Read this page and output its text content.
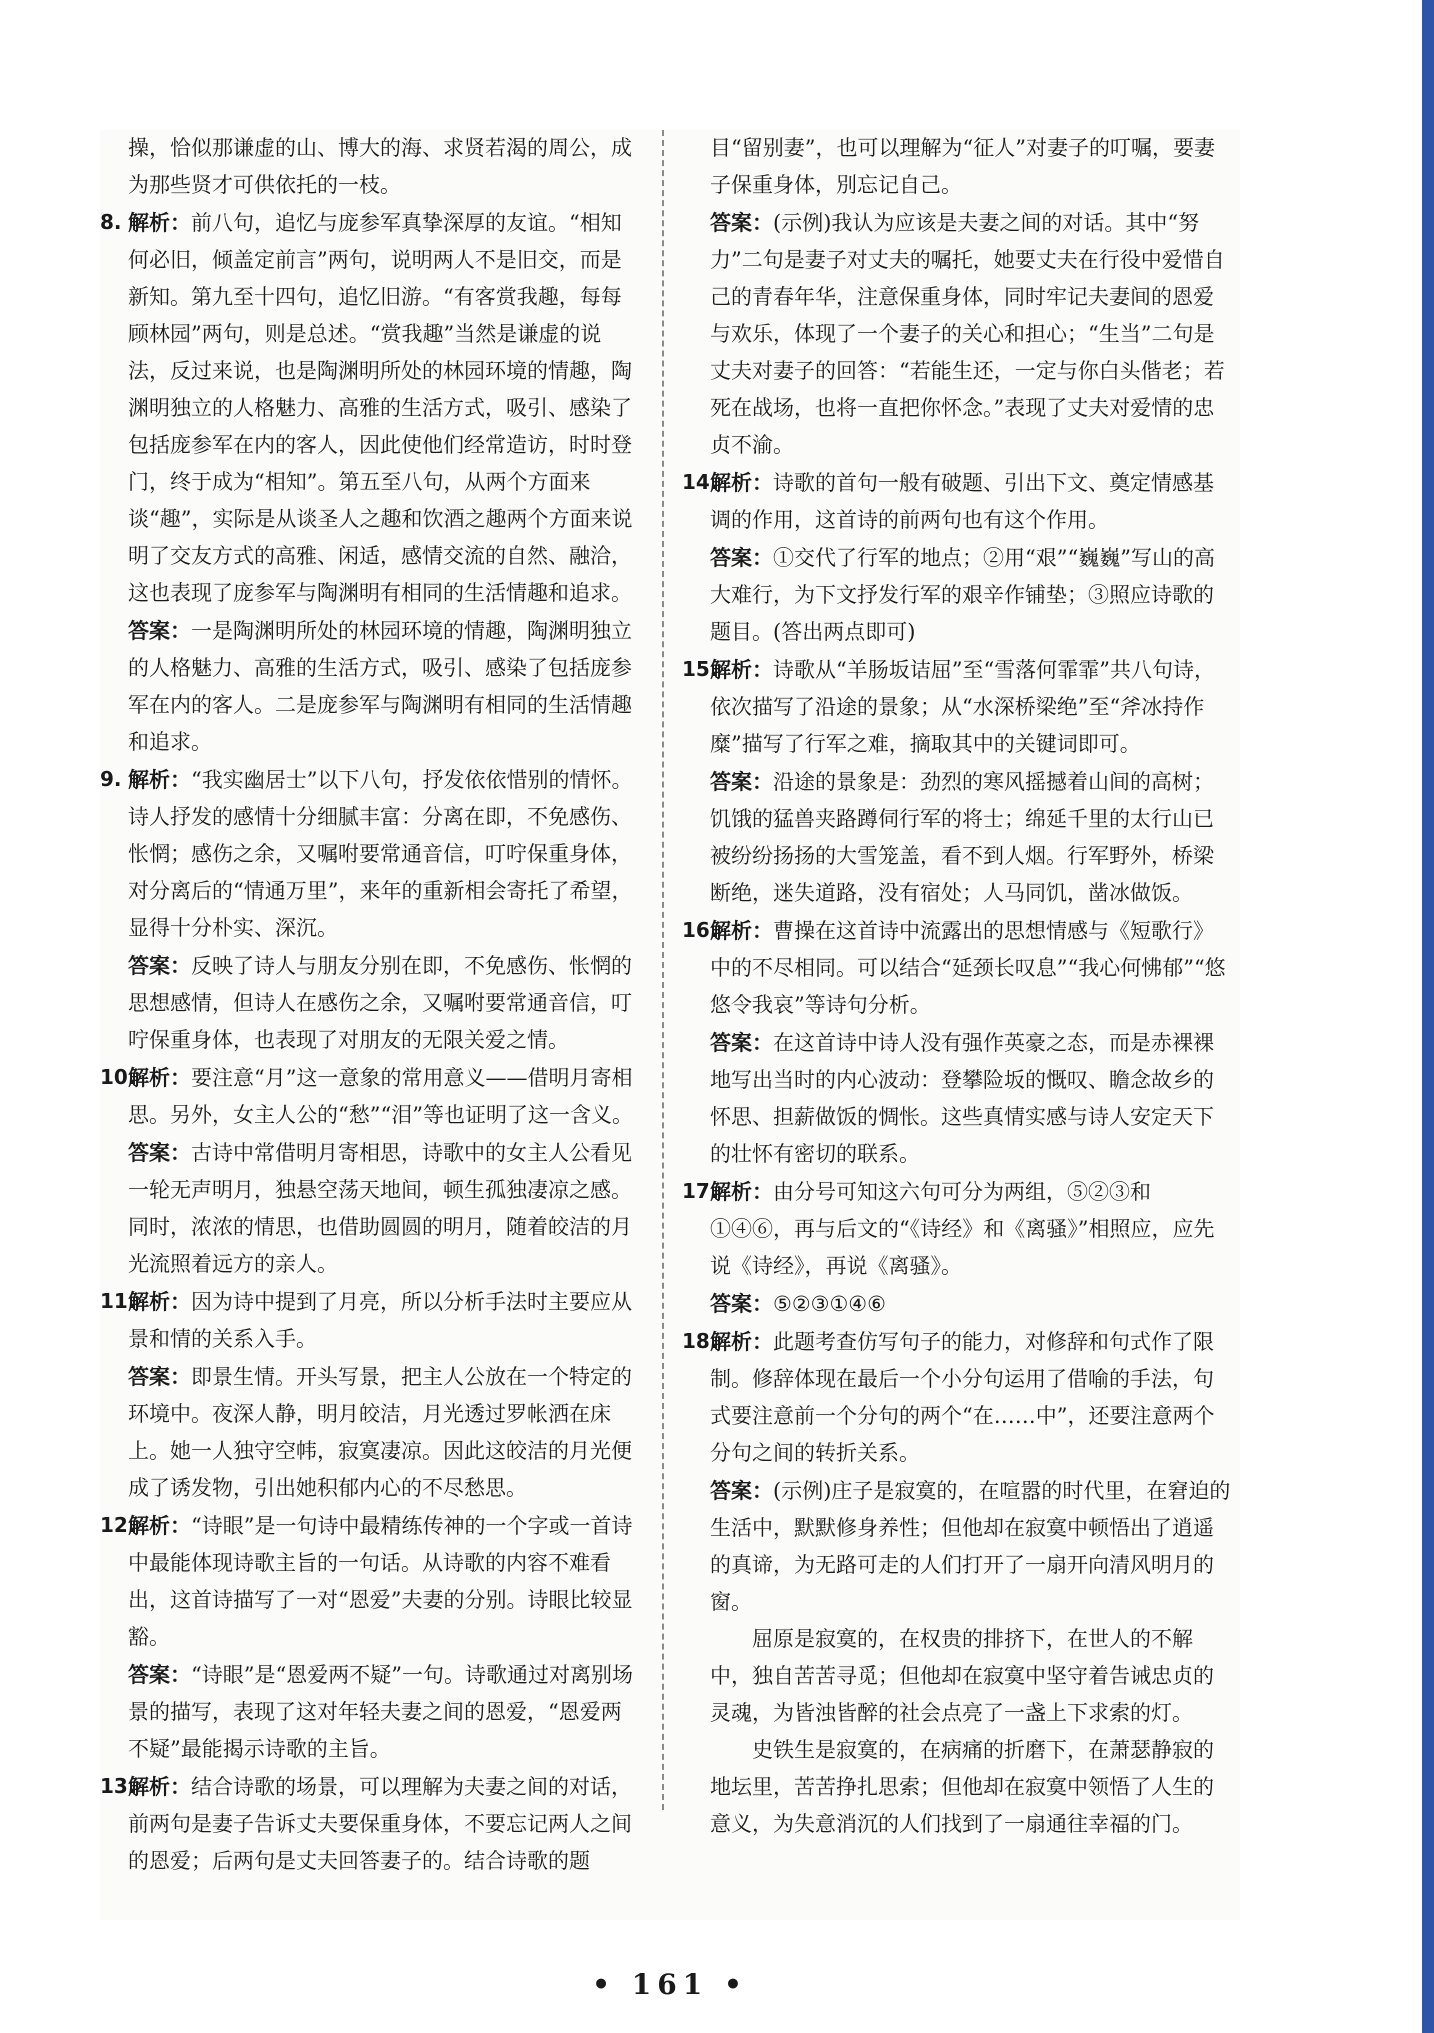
操，恰似那谦虚的山、博大的海、求贤若渴的周公，成为那些贤才可供依托的一枝。

8. 解析：前八句，追忆与庞参军真挚深厚的友谊。“相知何必旧，倾盖定前言”两句，说明两人不是旧交，而是新知。第九至十四句，追忆旧游。“有客赏我趣，每每顾林园”两句，则是总述。“赏我趣”当然是谦虚的说法，反过来说，也是陶渊明所处的林园环境的情趣，陶渊明独立的人格魅力、高雅的生活方式，吸引、感染了包括庞参军在内的客人，因此使他们经常造访，时时登门，终于成为“相知”。第五至八句，从两个方面来谈“趣”，实际是从谈圣人之趣和饮酒之趣两个方面来说明了交友方式的高雅、闲适，感情交流的自然、融洽，这也表现了庞参军与陶渊明有相同的生活情趣和追求。

答案：一是陶渊明所处的林园环境的情趣，陶渊明独立的人格魅力、高雅的生活方式，吸引、感染了包括庞参军在内的客人。二是庞参军与陶渊明有相同的生活情趣和追求。

9. 解析：“我实幽居士”以下八句，抒发依依惜别的情怀。诗人抒发的感情十分细腻丰富：分离在即，不免感伤、怅惘；感伤之余，又嘱咐要常通音信，叮咛保重身体，对分离后的“情通万里”，来年的重新相会寄托了希望，显得十分朴实、深沉。

答案：反映了诗人与朋友分别在即，不免感伤、怅惘的思想感情，但诗人在感伤之余，又嘱咐要常通音信，叮咛保重身体，也表现了对朋友的无限关爱之情。

10.

解析：要注意“月”这一意象的常用意义——借明月寄相思。另外，女主人公的“愁”“泪”等也证明了这一含义。

答案：古诗中常借明月寄相思，诗歌中的女主人公看见一轮无声明月，独悬空荡天地间，顿生孤独凄凉之感。同时，浓浓的情思，也借助圆圆的明月，随着皎洁的月光流照着远方的亲人。

11.

解析：因为诗中提到了月亮，所以分析手法时主要应从景和情的关系入手。

答案：即景生情。开头写景，把主人公放在一个特定的环境中。夜深人静，明月皎洁，月光透过罗帐洒在床上。她一人独守空帏，寂寞凄凉。因此这皎洁的月光便成了诱发物，引出她积郁内心的不尽愁思。

12.

解析：“诗眼”是一句诗中最精练传神的一个字或一首诗中最能体现诗歌主旨的一句话。从诗歌的内容不难看出，这首诗描写了一对“恩爱”夫妻的分别。诗眼比较显豁。

答案：“诗眼”是“恩爱两不疑”一句。诗歌通过对离别场景的描写，表现了这对年轻夫妻之间的恩爱，“恩爱两不疑”最能揭示诗歌的主旨。

13.

解析：结合诗歌的场景，可以理解为夫妻之间的对话，前两句是妻子告诉丈夫要保重身体，不要忘记两人之间的恩爱；后两句是丈夫回答妻子的。结合诗歌的题

目“留别妻”，也可以理解为“征人”对妻子的叮嘱，要妻子保重身体，別忘记自己。

答案：(示例)我认为应该是夫妻之间的对话。其中“努力”二句是妻子对丈夫的嘱托，她要丈夫在行役中爱惜自己的青春年华，注意保重身体，同时牢记夫妻间的恩爱与欢乐，体现了一个妻子的关心和担心；“生当”二句是丈夫对妻子的回答：“若能生还，一定与你白头偕老；若死在战场，也将一直把你怀念。”表现了丈夫对爱情的忠贞不渝。

14.

解析：诗歌的首句一般有破题、引出下文、奠定情感基调的作用，这首诗的前两句也有这个作用。

答案：①交代了行军的地点；②用“艰”“巍巍”写山的高大难行，为下文抒发行军的艰辛作铺垫；③照应诗歌的题目。(答出两点即可)

15.

解析：诗歌从“羊肠坂诘屈”至“雪落何霏霏”共八句诗，依次描写了沿途的景象；从“水深桥梁绝”至“斧冰持作糜”描写了行军之难，摘取其中的关键词即可。

答案：沿途的景象是：劲烈的寒风摇撼着山间的高树；饥饿的猛兽夹路蹲伺行军的将士；绵延千里的太行山已被纷纷扬扬的大雪笼盖，看不到人烟。行军野外，桥梁断绝，迷失道路，没有宿处；人马同饥，凿冰做饭。

16.

解析：曹操在这首诗中流露出的思想情感与《短歌行》中的不尽相同。可以结合“延颈长叹息”“我心何怫郁”“悠悠令我哀”等诗句分析。

答案：在这首诗中诗人没有强作英豪之态，而是赤裸裸地写出当时的内心波动：登攀险坂的慨叹、瞻念故乡的怀思、担薪做饭的惆怅。这些真情实感与诗人安定天下的壮怀有密切的联系。

17.

解析：由分号可知这六句可分为两组，⑤②③和①④⑥，再与后文的“《诗经》和《离骚》”相照应，应先说《诗经》，再说《离骚》。

答案：⑤②③①④⑥

18.

解析：此题考查仿写句子的能力，对修辞和句式作了限制。修辞体现在最后一个小分句运用了借喻的手法，句式要注意前一个分句的两个“在……中”，还要注意两个分句之间的转折关系。

答案：(示例)庄子是寂寞的，在喧嚣的时代里，在窘迫的生活中，默默修身养性；但他却在寂寞中顿悟出了逍遥的真谛，为无路可走的人们打开了一扇开向清风明月的窗。

屈原是寂寞的，在权贵的排挤下，在世人的不解中，独自苦苦寻觅；但他却在寂寞中坚守着告诫忠贞的灵魂，为皆浊皆醉的社会点亮了一盏上下求索的灯。

史铁生是寂寞的，在病痛的折磨下，在萧瑟静寂的地坛里，苦苦挣扎思索；但他却在寂寞中领悟了人生的意义，为失意消沉的人们找到了一扇通往幸福的门。

• 161 •
